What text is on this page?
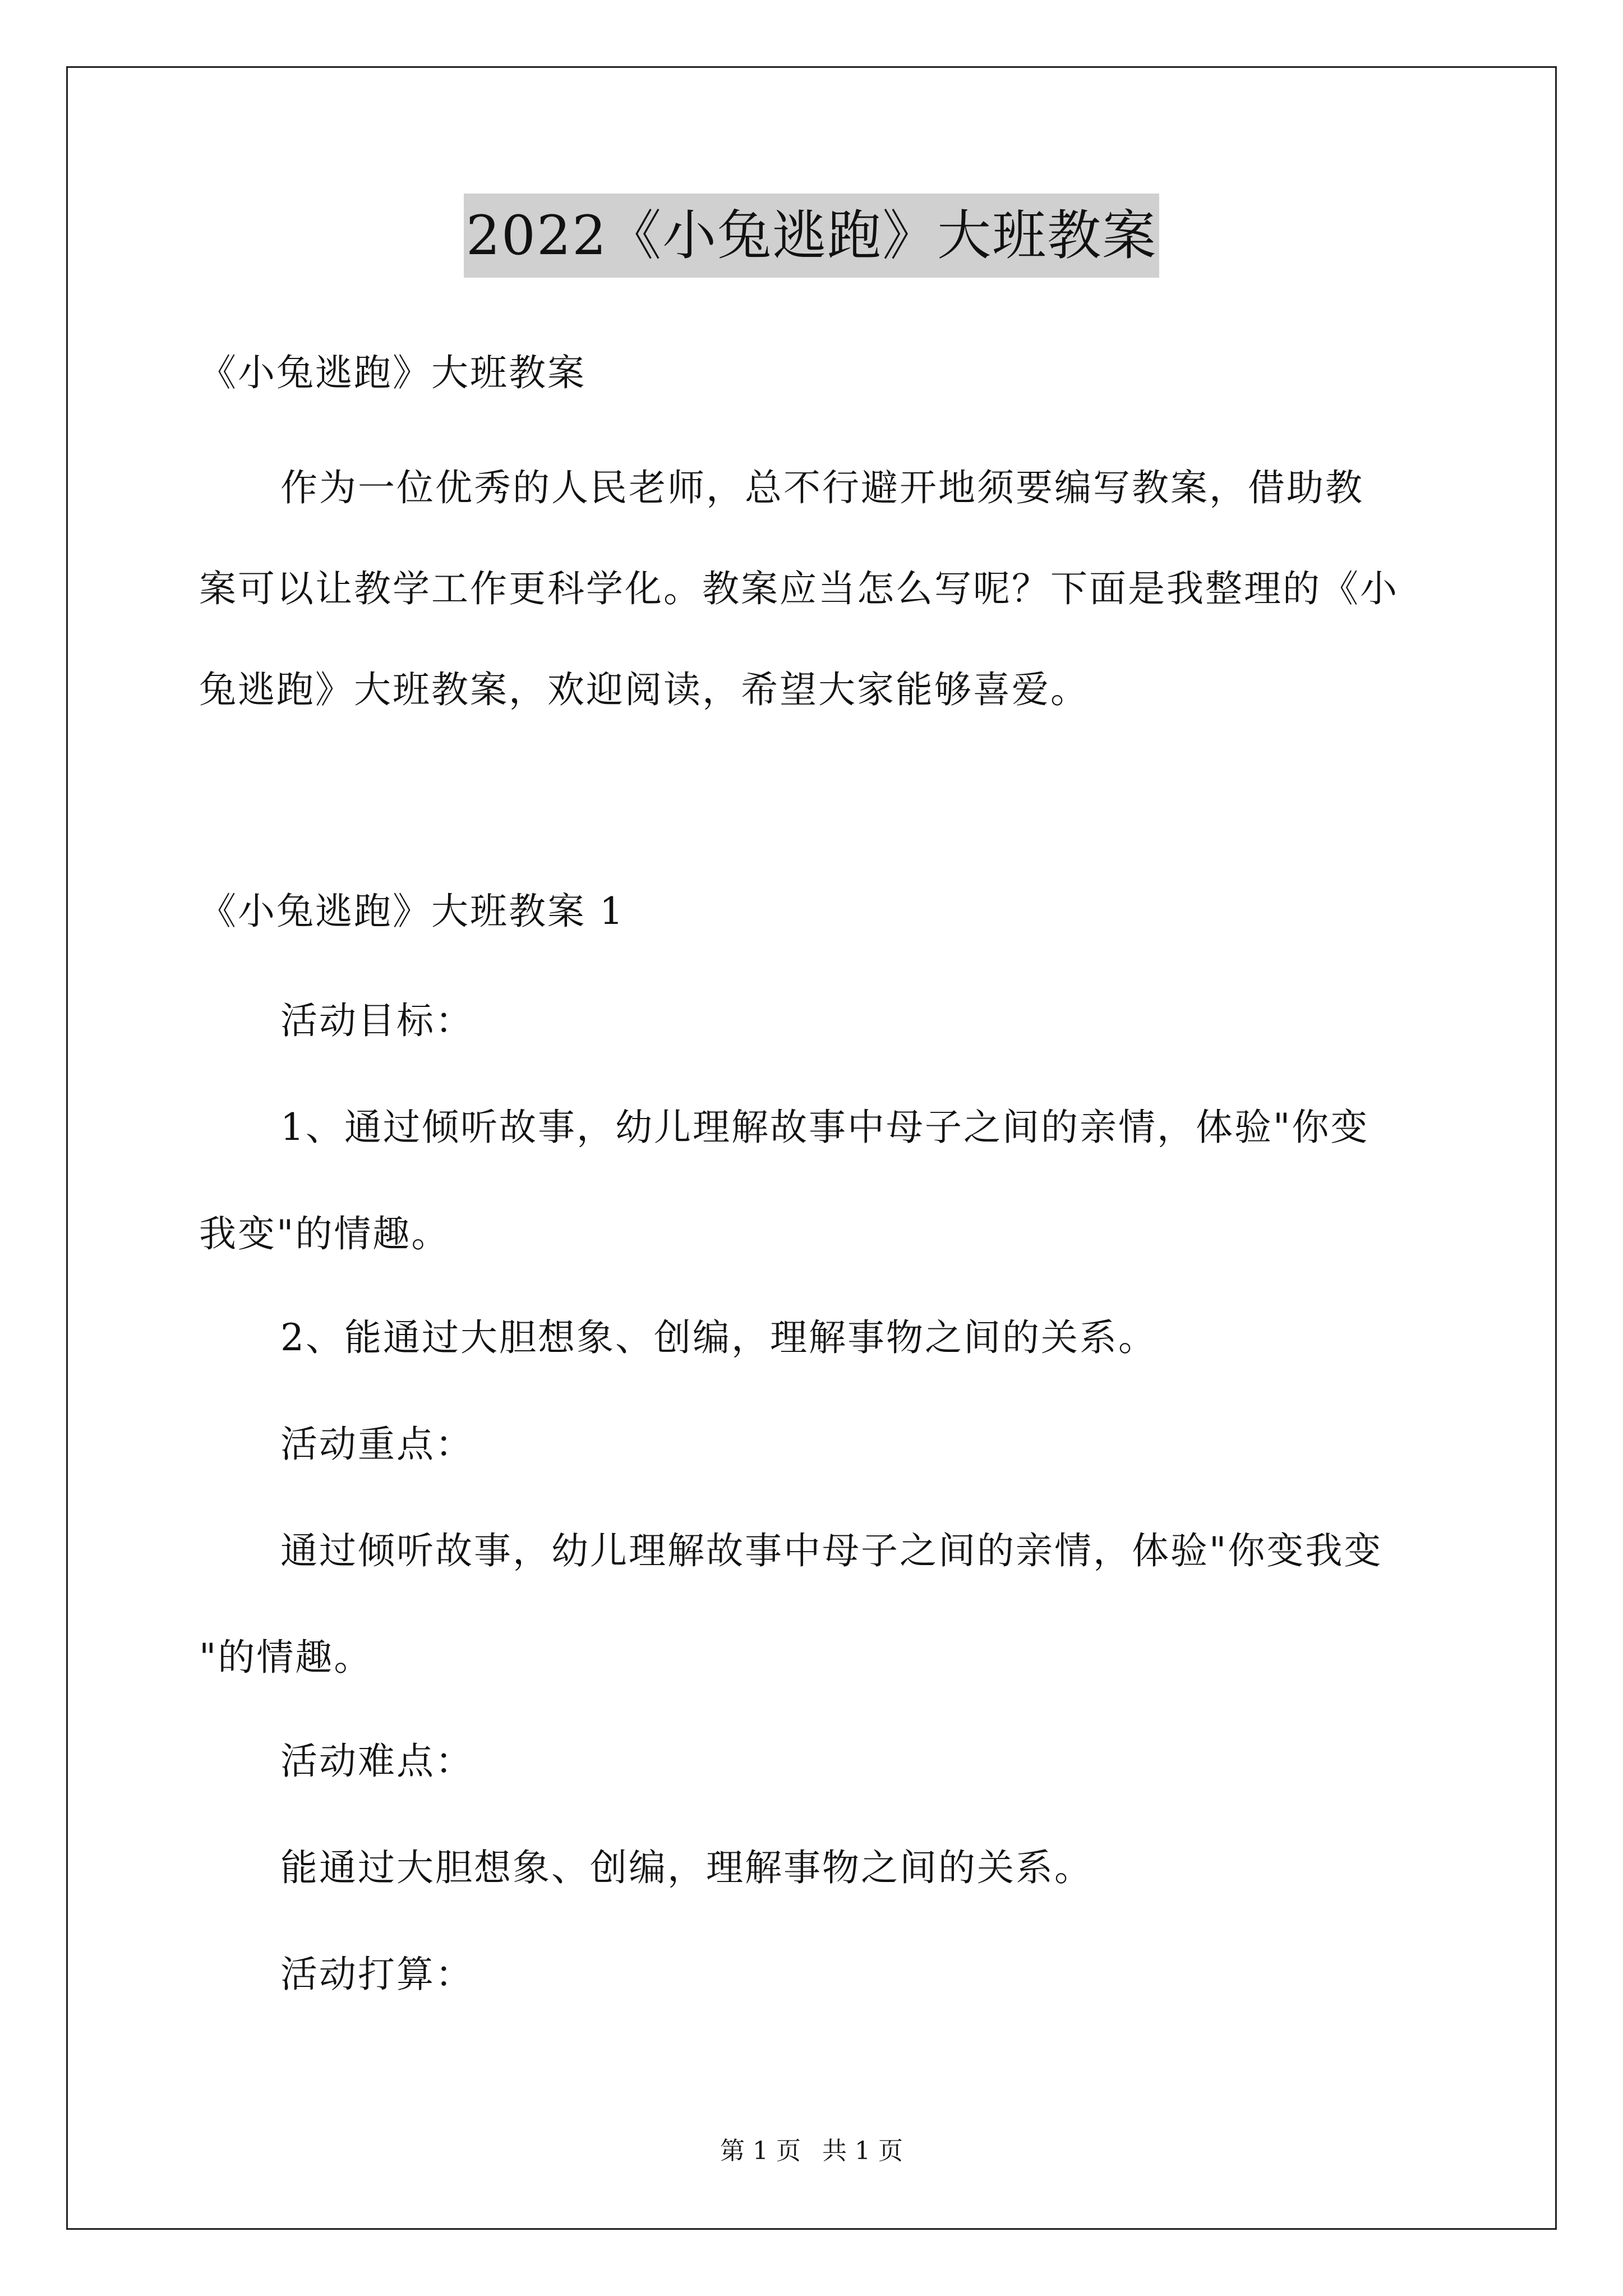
2022《小兔逃跑》大班教案
《小兔逃跑》大班教案
作为一位优秀的人民老师，总不行避开地须要编写教案，借助教
案可以让教学工作更科学化。教案应当怎么写呢？下面是我整理的《小
兔逃跑》大班教案，欢迎阅读，希望大家能够喜爱。
《小兔逃跑》大班教案 1
活动目标：
1、通过倾听故事，幼儿理解故事中母子之间的亲情，体验"你变
我变"的情趣。
2、能通过大胆想象、创编，理解事物之间的关系。
活动重点：
通过倾听故事，幼儿理解故事中母子之间的亲情，体验"你变我变
"的情趣。
活动难点：
能通过大胆想象、创编，理解事物之间的关系。
活动打算：
第 1 页 共 1 页
